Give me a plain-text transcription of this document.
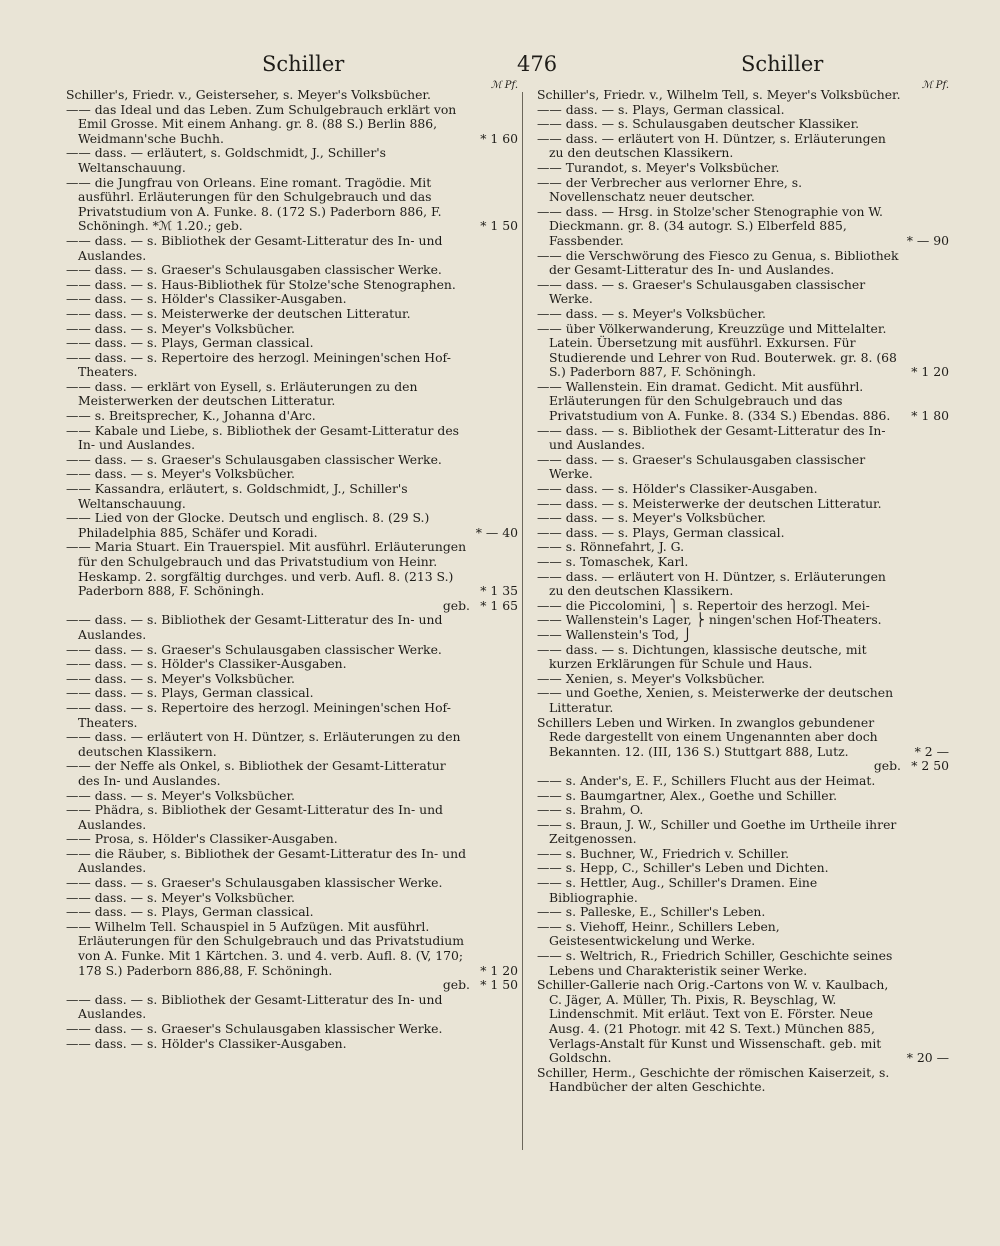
Schiller	476	Schiller
ℳ Pf.

Schiller's, Friedr. v., Geisterseher, s. Meyer's Volksbücher.

—— das Ideal und das Leben. Zum Schulgebrauch erklärt von Emil Grosse. Mit einem Anhang. gr. 8. (88 S.) Berlin 886, Weidmann'sche Buchh.	* 1 60

—— dass. — erläutert, s. Goldschmidt, J., Schiller's Weltanschauung.

—— die Jungfrau von Orleans. Eine romant. Tragödie. Mit ausführl. Erläuterungen für den Schulgebrauch und das Privatstudium von A. Funke. 8. (172 S.) Paderborn 886, F. Schöningh. *ℳ 1.20.; geb.	* 1 50

—— dass. — s. Bibliothek der Gesamt-Litteratur des In- und Auslandes.

—— dass. — s. Graeser's Schulausgaben classischer Werke.

—— dass. — s. Haus-Bibliothek für Stolze'sche Stenographen.

—— dass. — s. Hölder's Classiker-Ausgaben.

—— dass. — s. Meisterwerke der deutschen Litteratur.

—— dass. — s. Meyer's Volksbücher.

—— dass. — s. Plays, German classical.

—— dass. — s. Repertoire des herzogl. Meiningen'schen Hof-Theaters.

—— dass. — erklärt von Eysell, s. Erläuterungen zu den Meisterwerken der deutschen Litteratur.

—— s. Breitsprecher, K., Johanna d'Arc.

—— Kabale und Liebe, s. Bibliothek der Gesamt-Litteratur des In- und Auslandes.

—— dass. — s. Graeser's Schulausgaben classischer Werke.

—— dass. — s. Meyer's Volksbücher.

—— Kassandra, erläutert, s. Goldschmidt, J., Schiller's Weltanschauung.

—— Lied von der Glocke. Deutsch und englisch. 8. (29 S.) Philadelphia 885, Schäfer und Koradi.	* — 40

—— Maria Stuart. Ein Trauerspiel. Mit ausführl. Erläuterungen für den Schulgebrauch und das Privatstudium von Heinr. Heskamp. 2. sorgfältig durchges. und verb. Aufl. 8. (213 S.) Paderborn 888, F. Schöningh.	* 1 35

geb. * 1 65

—— dass. — s. Bibliothek der Gesamt-Litteratur des In- und Auslandes.

—— dass. — s. Graeser's Schulausgaben classischer Werke.

—— dass. — s. Hölder's Classiker-Ausgaben.

—— dass. — s. Meyer's Volksbücher.

—— dass. — s. Plays, German classical.

—— dass. — s. Repertoire des herzogl. Meiningen'schen Hof-Theaters.

—— dass. — erläutert von H. Düntzer, s. Erläuterungen zu den deutschen Klassikern.

—— der Neffe als Onkel, s. Bibliothek der Gesamt-Litteratur des In- und Auslandes.

—— dass. — s. Meyer's Volksbücher.

—— Phädra, s. Bibliothek der Gesamt-Litteratur des In- und Auslandes.

—— Prosa, s. Hölder's Classiker-Ausgaben.

—— die Räuber, s. Bibliothek der Gesamt-Litteratur des In- und Auslandes.

—— dass. — s. Graeser's Schulausgaben klassischer Werke.

—— dass. — s. Meyer's Volksbücher.

—— dass. — s. Plays, German classical.

—— Wilhelm Tell. Schauspiel in 5 Aufzügen. Mit ausführl. Erläuterungen für den Schulgebrauch und das Privatstudium von A. Funke. Mit 1 Kärtchen. 3. und 4. verb. Aufl. 8. (V, 170; 178 S.) Paderborn 886,88, F. Schöningh.	* 1 20

geb. * 1 50

—— dass. — s. Bibliothek der Gesamt-Litteratur des In- und Auslandes.

—— dass. — s. Graeser's Schulausgaben klassischer Werke.

—— dass. — s. Hölder's Classiker-Ausgaben.

ℳ Pf.

Schiller's, Friedr. v., Wilhelm Tell, s. Meyer's Volksbücher.

—— dass. — s. Plays, German classical.

—— dass. — s. Schulausgaben deutscher Klassiker.

—— dass. — erläutert von H. Düntzer, s. Erläuterungen zu den deutschen Klassikern.

—— Turandot, s. Meyer's Volksbücher.

—— der Verbrecher aus verlorner Ehre, s. Novellenschatz neuer deutscher.

—— dass. — Hrsg. in Stolze'scher Stenographie von W. Dieckmann. gr. 8. (34 autogr. S.) Elberfeld 885, Fassbender.	* — 90

—— die Verschwörung des Fiesco zu Genua, s. Bibliothek der Gesamt-Litteratur des In- und Auslandes.

—— dass. — s. Graeser's Schulausgaben classischer Werke.

—— dass. — s. Meyer's Volksbücher.

—— über Völkerwanderung, Kreuzzüge und Mittelalter. Latein. Übersetzung mit ausführl. Exkursen. Für Studierende und Lehrer von Rud. Bouterwek. gr. 8. (68 S.) Paderborn 887, F. Schöningh.	* 1 20

—— Wallenstein. Ein dramat. Gedicht. Mit ausführl. Erläuterungen für den Schulgebrauch und das Privatstudium von A. Funke. 8. (334 S.) Ebendas. 886. * 1 80

—— dass. — s. Bibliothek der Gesamt-Litteratur des In- und Auslandes.

—— dass. — s. Graeser's Schulausgaben classischer Werke.

—— dass. — s. Hölder's Classiker-Ausgaben.

—— dass. — s. Meisterwerke der deutschen Litteratur.

—— dass. — s. Meyer's Volksbücher.

—— dass. — s. Plays, German classical.

—— s. Rönnefahrt, J. G.

—— s. Tomaschek, Karl.

—— dass. — erläutert von H. Düntzer, s. Erläuterungen zu den deutschen Klassikern.

—— die Piccolomini, ⎫ s. Repertoir des herzogl. Mei-

—— Wallenstein's Lager, ⎬ ningen'schen Hof-Theaters.

—— Wallenstein's Tod, ⎭

—— dass. — s. Dichtungen, klassische deutsche, mit kurzen Erklärungen für Schule und Haus.

—— Xenien, s. Meyer's Volksbücher.

—— und Goethe, Xenien, s. Meisterwerke der deutschen Litteratur.

Schillers Leben und Wirken. In zwanglos gebundener Rede dargestellt von einem Ungenannten aber doch Bekannten. 12. (III, 136 S.) Stuttgart 888, Lutz.	* 2 —

geb. * 2 50

—— s. Ander's, E. F., Schillers Flucht aus der Heimat.

—— s. Baumgartner, Alex., Goethe und Schiller.

—— s. Brahm, O.

—— s. Braun, J. W., Schiller und Goethe im Urtheile ihrer Zeitgenossen.

—— s. Buchner, W., Friedrich v. Schiller.

—— s. Hepp, C., Schiller's Leben und Dichten.

—— s. Hettler, Aug., Schiller's Dramen. Eine Bibliographie.

—— s. Palleske, E., Schiller's Leben.

—— s. Viehoff, Heinr., Schillers Leben, Geistesentwickelung und Werke.

—— s. Weltrich, R., Friedrich Schiller, Geschichte seines Lebens und Charakteristik seiner Werke.

Schiller-Gallerie nach Orig.-Cartons von W. v. Kaulbach, C. Jäger, A. Müller, Th. Pixis, R. Beyschlag, W. Lindenschmit. Mit erläut. Text von E. Förster. Neue Ausg. 4. (21 Photogr. mit 42 S. Text.) München 885, Verlags-Anstalt für Kunst und Wissenschaft. geb. mit Goldschn.	* 20 —

Schiller, Herm., Geschichte der römischen Kaiserzeit, s. Handbücher der alten Geschichte.
